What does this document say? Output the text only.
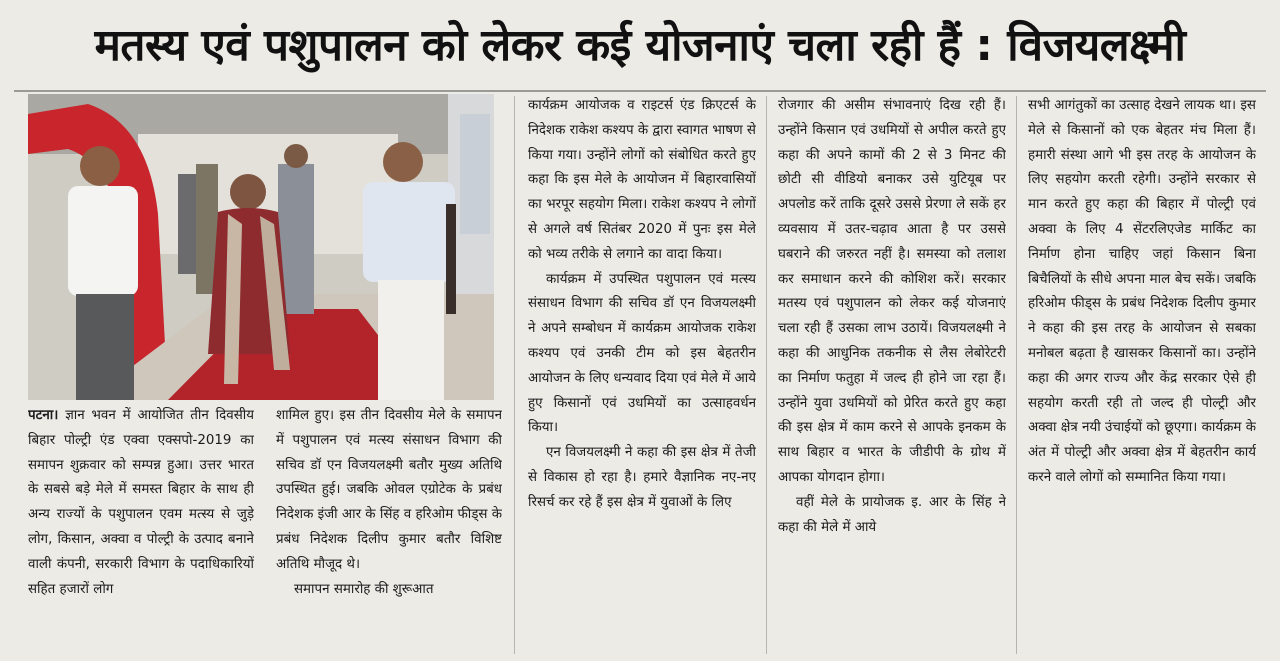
मतस्य एवं पशुपालन को लेकर कई योजनाएं चला रही हैं : विजयलक्ष्मी

पटना। ज्ञान भवन में आयोजित तीन दिवसीय बिहार पोल्ट्री एंड एक्वा एक्सपो-2019 का समापन शुक्रवार को सम्पन्न हुआ। उत्तर भारत के सबसे बड़े मेले में समस्त बिहार के साथ ही अन्य राज्यों के पशुपालन एवम मत्स्य से जुड़े लोग, किसान, अक्वा व पोल्ट्री के उत्पाद बनाने वाली कंपनी, सरकारी विभाग के पदाधिकारियों सहित हजारों लोग

शामिल हुए। इस तीन दिवसीय मेले के समापन में पशुपालन एवं मत्स्य संसाधन विभाग की सचिव डॉ एन विजयलक्ष्मी बतौर मुख्य अतिथि उपस्थित हुई। जबकि ओवल एग्रोटेक के प्रबंध निदेशक इंजी आर के सिंह व हरिओम फीड्स के प्रबंध निदेशक दिलीप कुमार बतौर विशिष्ट अतिथि मौजूद थे।

समापन समारोह की शुरूआत

कार्यक्रम आयोजक व राइटर्स एंड क्रिएटर्स के निदेशक राकेश कश्यप के द्वारा स्वागत भाषण से किया गया। उन्होंने लोगों को संबोधित करते हुए कहा कि इस मेले के आयोजन में बिहारवासियों का भरपूर सहयोग मिला। राकेश कश्यप ने लोगों से अगले वर्ष सितंबर 2020 में पुनः इस मेले को भव्य तरीके से लगाने का वादा किया।

कार्यक्रम में उपस्थित पशुपालन एवं मत्स्य संसाधन विभाग की सचिव डॉ एन विजयलक्ष्मी ने अपने सम्बोधन में कार्यक्रम आयोजक राकेश कश्यप एवं उनकी टीम को इस बेहतरीन आयोजन के लिए धन्यवाद दिया एवं मेले में आये हुए किसानों एवं उधमियों का उत्साहवर्धन किया।

एन विजयलक्ष्मी ने कहा की इस क्षेत्र में तेजी से विकास हो रहा है। हमारे वैज्ञानिक नए-नए रिसर्च कर रहे हैं इस क्षेत्र में युवाओं के लिए

रोजगार की असीम संभावनाएं दिख रही हैं। उन्होंने किसान एवं उधमियों से अपील करते हुए कहा की अपने कामों की 2 से 3 मिनट की छोटी सी वीडियो बनाकर उसे युटियूब पर अपलोड करें ताकि दूसरे उससे प्रेरणा ले सकें हर व्यवसाय में उतर-चढ़ाव आता है पर उससे घबराने की जरुरत नहीं है। समस्या को तलाश कर समाधान करने की कोशिश करें। सरकार मतस्य एवं पशुपालन को लेकर कई योजनाएं चला रही हैं उसका लाभ उठायें। विजयलक्ष्मी ने कहा की आधुनिक तकनीक से लैस लेबोरेटरी का निर्माण फतुहा में जल्द ही होने जा रहा हैं। उन्होंने युवा उधमियों को प्रेरित करते हुए कहा की इस क्षेत्र में काम करने से आपके इनकम के साथ बिहार व भारत के जीडीपी के ग्रोथ में आपका योगदान होगा।

वहीं मेले के प्रायोजक इ. आर के सिंह ने कहा की मेले में आये

सभी आगंतुकों का उत्साह देखने लायक था। इस मेले से किसानों को एक बेहतर मंच मिला हैं। हमारी संस्था आगे भी इस तरह के आयोजन के लिए सहयोग करती रहेगी। उन्होंने सरकार से मान करते हुए कहा की बिहार में पोल्ट्री एवं अक्वा के लिए 4 सेंटरलिएजेड मार्किट का निर्माण होना चाहिए जहां किसान बिना बिचैलियों के सीधे अपना माल बेच सकें। जबकि हरिओम फीड्स के प्रबंध निदेशक दिलीप कुमार ने कहा की इस तरह के आयोजन से सबका मनोबल बढ़ता है खासकर किसानों का। उन्होंने कहा की अगर राज्य और केंद्र सरकार ऐसे ही सहयोग करती रही तो जल्द ही पोल्ट्री और अक्वा क्षेत्र नयी उंचाईयों को छूएगा। कार्यक्रम के अंत में पोल्ट्री और अक्वा क्षेत्र में बेहतरीन कार्य करने वाले लोगों को सम्मानित किया गया।
